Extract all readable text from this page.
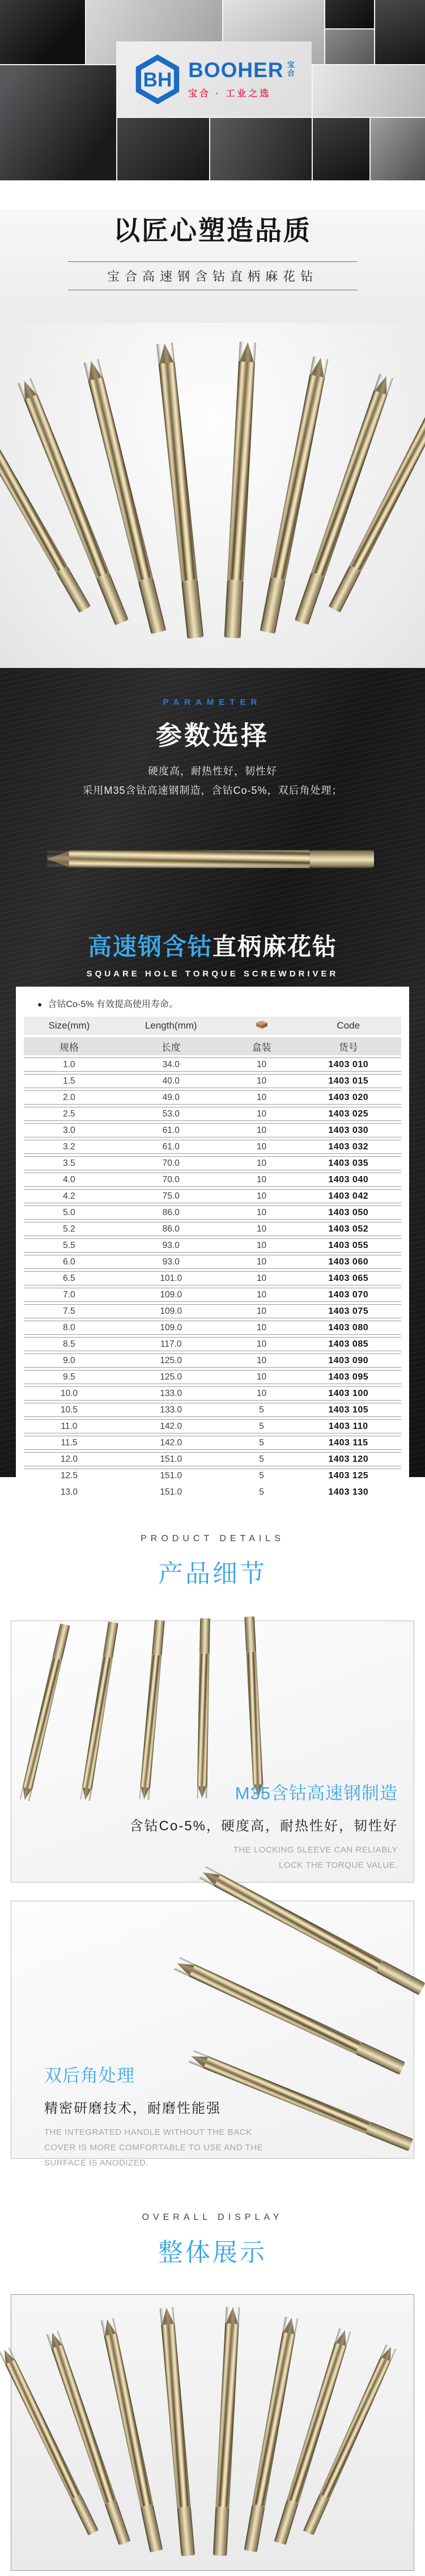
BH BOOHER 宝合
宝合 · 工业之选
以匠心塑造品质
宝合高速钢含钴直柄麻花钻
PARAMETER
参数选择
硬度高，耐热性好，韧性好
采用M35含钴高速钢制造，含钴Co-5%，双后角处理；
高速钢含钴直柄麻花钻
SQUARE HOLE TORQUE SCREWDRIVER
● 含钴Co-5% 有效提高使用寿命。
Size(mm)	Length(mm)		Code
规格	长度	盒装	货号
1.0	34.0	10	1403 010
1.5	40.0	10	1403 015
2.0	49.0	10	1403 020
2.5	53.0	10	1403 025
3.0	61.0	10	1403 030
3.2	61.0	10	1403 032
3.5	70.0	10	1403 035
4.0	70.0	10	1403 040
4.2	75.0	10	1403 042
5.0	86.0	10	1403 050
5.2	86.0	10	1403 052
5.5	93.0	10	1403 055
6.0	93.0	10	1403 060
6.5	101.0	10	1403 065
7.0	109.0	10	1403 070
7.5	109.0	10	1403 075
8.0	109.0	10	1403 080
8.5	117.0	10	1403 085
9.0	125.0	10	1403 090
9.5	125.0	10	1403 095
10.0	133.0	10	1403 100
10.5	133.0	5	1403 105
11.0	142.0	5	1403 110
11.5	142.0	5	1403 115
12.0	151.0	5	1403 120
12.5	151.0	5	1403 125
13.0	151.0	5	1403 130
PRODUCT DETAILS
产品细节
M35含钴高速钢制造
含钴Co-5%，硬度高，耐热性好，韧性好
THE LOCKING SLEEVE CAN RELIABLY
LOCK THE TORQUE VALUE.
双后角处理
精密研磨技术，耐磨性能强
THE INTEGRATED HANDLE WITHOUT THE BACK
COVER IS MORE COMFORTABLE TO USE AND THE
SURFACE IS ANODIZED.
OVERALL DISPLAY
整体展示
